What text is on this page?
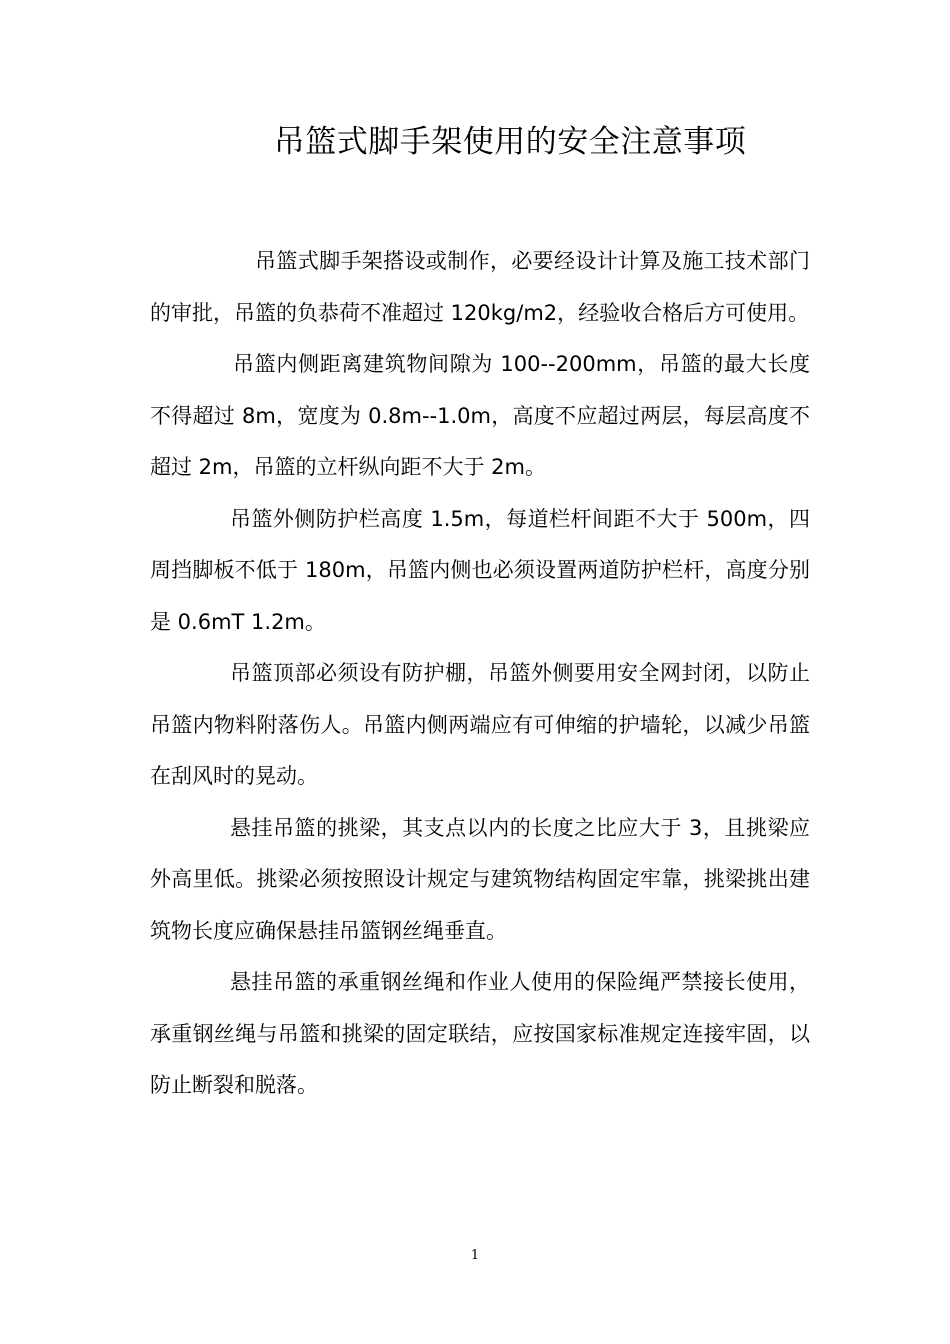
吊篮式脚手架使用的安全注意事项

吊篮式脚手架搭设或制作，必要经设计计算及施工技术部门的审批，吊篮的负恭荷不准超过 120kg/m2，经验收合格后方可使用。

吊篮内侧距离建筑物间隙为 100--200mm，吊篮的最大长度不得超过 8m，宽度为 0.8m--1.0m，高度不应超过两层，每层高度不超过 2m，吊篮的立杆纵向距不大于 2m。

吊篮外侧防护栏高度 1.5m，每道栏杆间距不大于 500m，四周挡脚板不低于 180m，吊篮内侧也必须设置两道防护栏杆，高度分别是 0.6mT 1.2m。

吊篮顶部必须设有防护棚，吊篮外侧要用安全网封闭，以防止吊篮内物料附落伤人。吊篮内侧两端应有可伸缩的护墙轮，以减少吊篮在刮风时的晃动。

悬挂吊篮的挑梁，其支点以内的长度之比应大于 3，且挑梁应外高里低。挑梁必须按照设计规定与建筑物结构固定牢靠，挑梁挑出建筑物长度应确保悬挂吊篮钢丝绳垂直。

悬挂吊篮的承重钢丝绳和作业人使用的保险绳严禁接长使用，承重钢丝绳与吊篮和挑梁的固定联结，应按国家标准规定连接牢固，以防止断裂和脱落。

1
